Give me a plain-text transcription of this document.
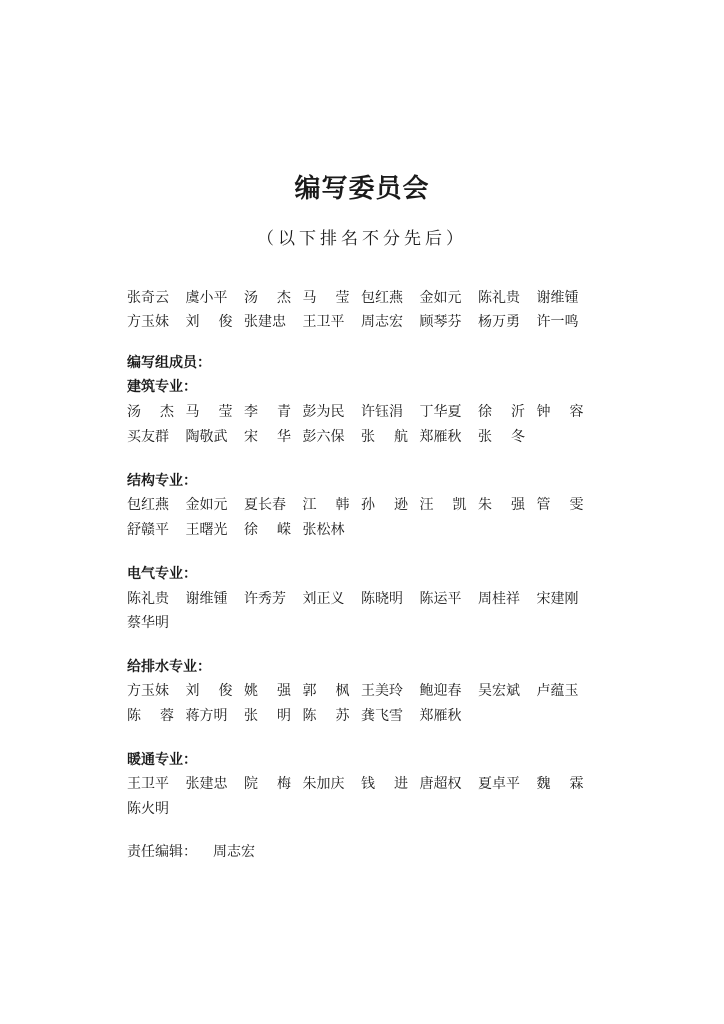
编写委员会
（以下排名不分先后）
张奇云	虞小平	汤 杰 马 莹 包红燕	金如元	陈礼贵	谢维锺
方玉妹	刘 俊 张建忠	王卫平	周志宏	顾琴芬	杨万勇	许一鸣
编写组成员：
建筑专业：
汤 杰 马 莹 李 青 彭为民	许钰涓	丁华夏	徐 沂 钟 容
买友群	陶敬武	宋 华 彭六保	张 航 郑雁秋	张 冬
结构专业：
包红燕	金如元	夏长春	江 韩 孙 逊 汪 凯 朱 强 管 雯
舒赣平	王曙光	徐 嵘 张松林
电气专业：
陈礼贵	谢维锺	许秀芳	刘正义	陈晓明	陈运平	周桂祥	宋建刚
蔡华明
给排水专业：
方玉妹	刘 俊 姚 强 郭 枫 王美玲	鲍迎春	吴宏斌	卢蕴玉
陈 蓉 蒋方明	张 明 陈 苏 龚飞雪	郑雁秋
暖通专业：
王卫平	张建忠	院 梅 朱加庆	钱 进 唐超权	夏卓平	魏 霖
陈火明
责任编辑： 周志宏
